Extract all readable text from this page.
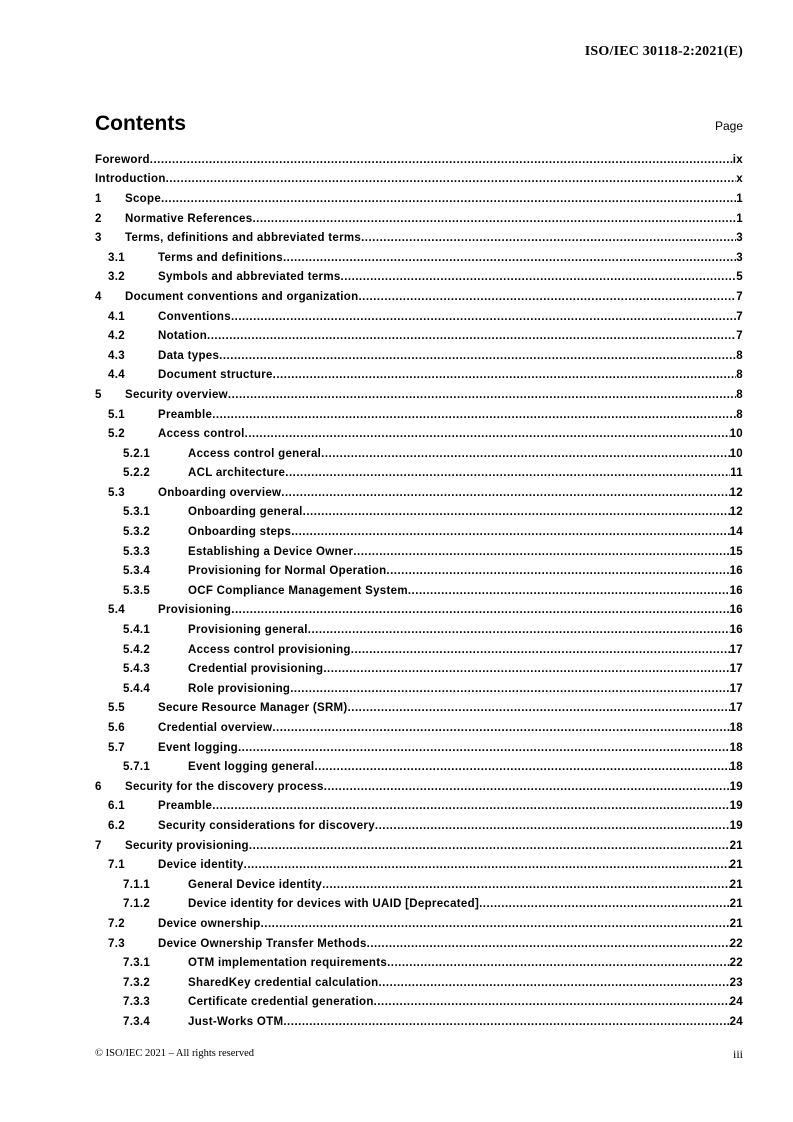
ISO/IEC 30118-2:2021(E)
Contents	Page
Foreword .....	ix
Introduction .....	x
1	Scope .....	1
2	Normative References .....	1
3	Terms, definitions and abbreviated terms .....	3
3.1	Terms and definitions .....	3
3.2	Symbols and abbreviated terms .....	5
4	Document conventions and organization .....	7
4.1	Conventions .....	7
4.2	Notation .....	7
4.3	Data types .....	8
4.4	Document structure .....	8
5	Security overview .....	8
5.1	Preamble .....	8
5.2	Access control .....	10
5.2.1	Access control general .....	10
5.2.2	ACL architecture .....	11
5.3	Onboarding overview .....	12
5.3.1	Onboarding general .....	12
5.3.2	Onboarding steps .....	14
5.3.3	Establishing a Device Owner .....	15
5.3.4	Provisioning for Normal Operation .....	16
5.3.5	OCF Compliance Management System .....	16
5.4	Provisioning .....	16
5.4.1	Provisioning general .....	16
5.4.2	Access control provisioning .....	17
5.4.3	Credential provisioning .....	17
5.4.4	Role provisioning .....	17
5.5	Secure Resource Manager (SRM) .....	17
5.6	Credential overview .....	18
5.7	Event logging .....	18
5.7.1	Event logging general .....	18
6	Security for the discovery process .....	19
6.1	Preamble .....	19
6.2	Security considerations for discovery .....	19
7	Security provisioning .....	21
7.1	Device identity .....	21
7.1.1	General Device identity .....	21
7.1.2	Device identity for devices with UAID [Deprecated] .....	21
7.2	Device ownership .....	21
7.3	Device Ownership Transfer Methods .....	22
7.3.1	OTM implementation requirements .....	22
7.3.2	SharedKey credential calculation .....	23
7.3.3	Certificate credential generation .....	24
7.3.4	Just-Works OTM .....	24
© ISO/IEC 2021 – All rights reserved	iii
